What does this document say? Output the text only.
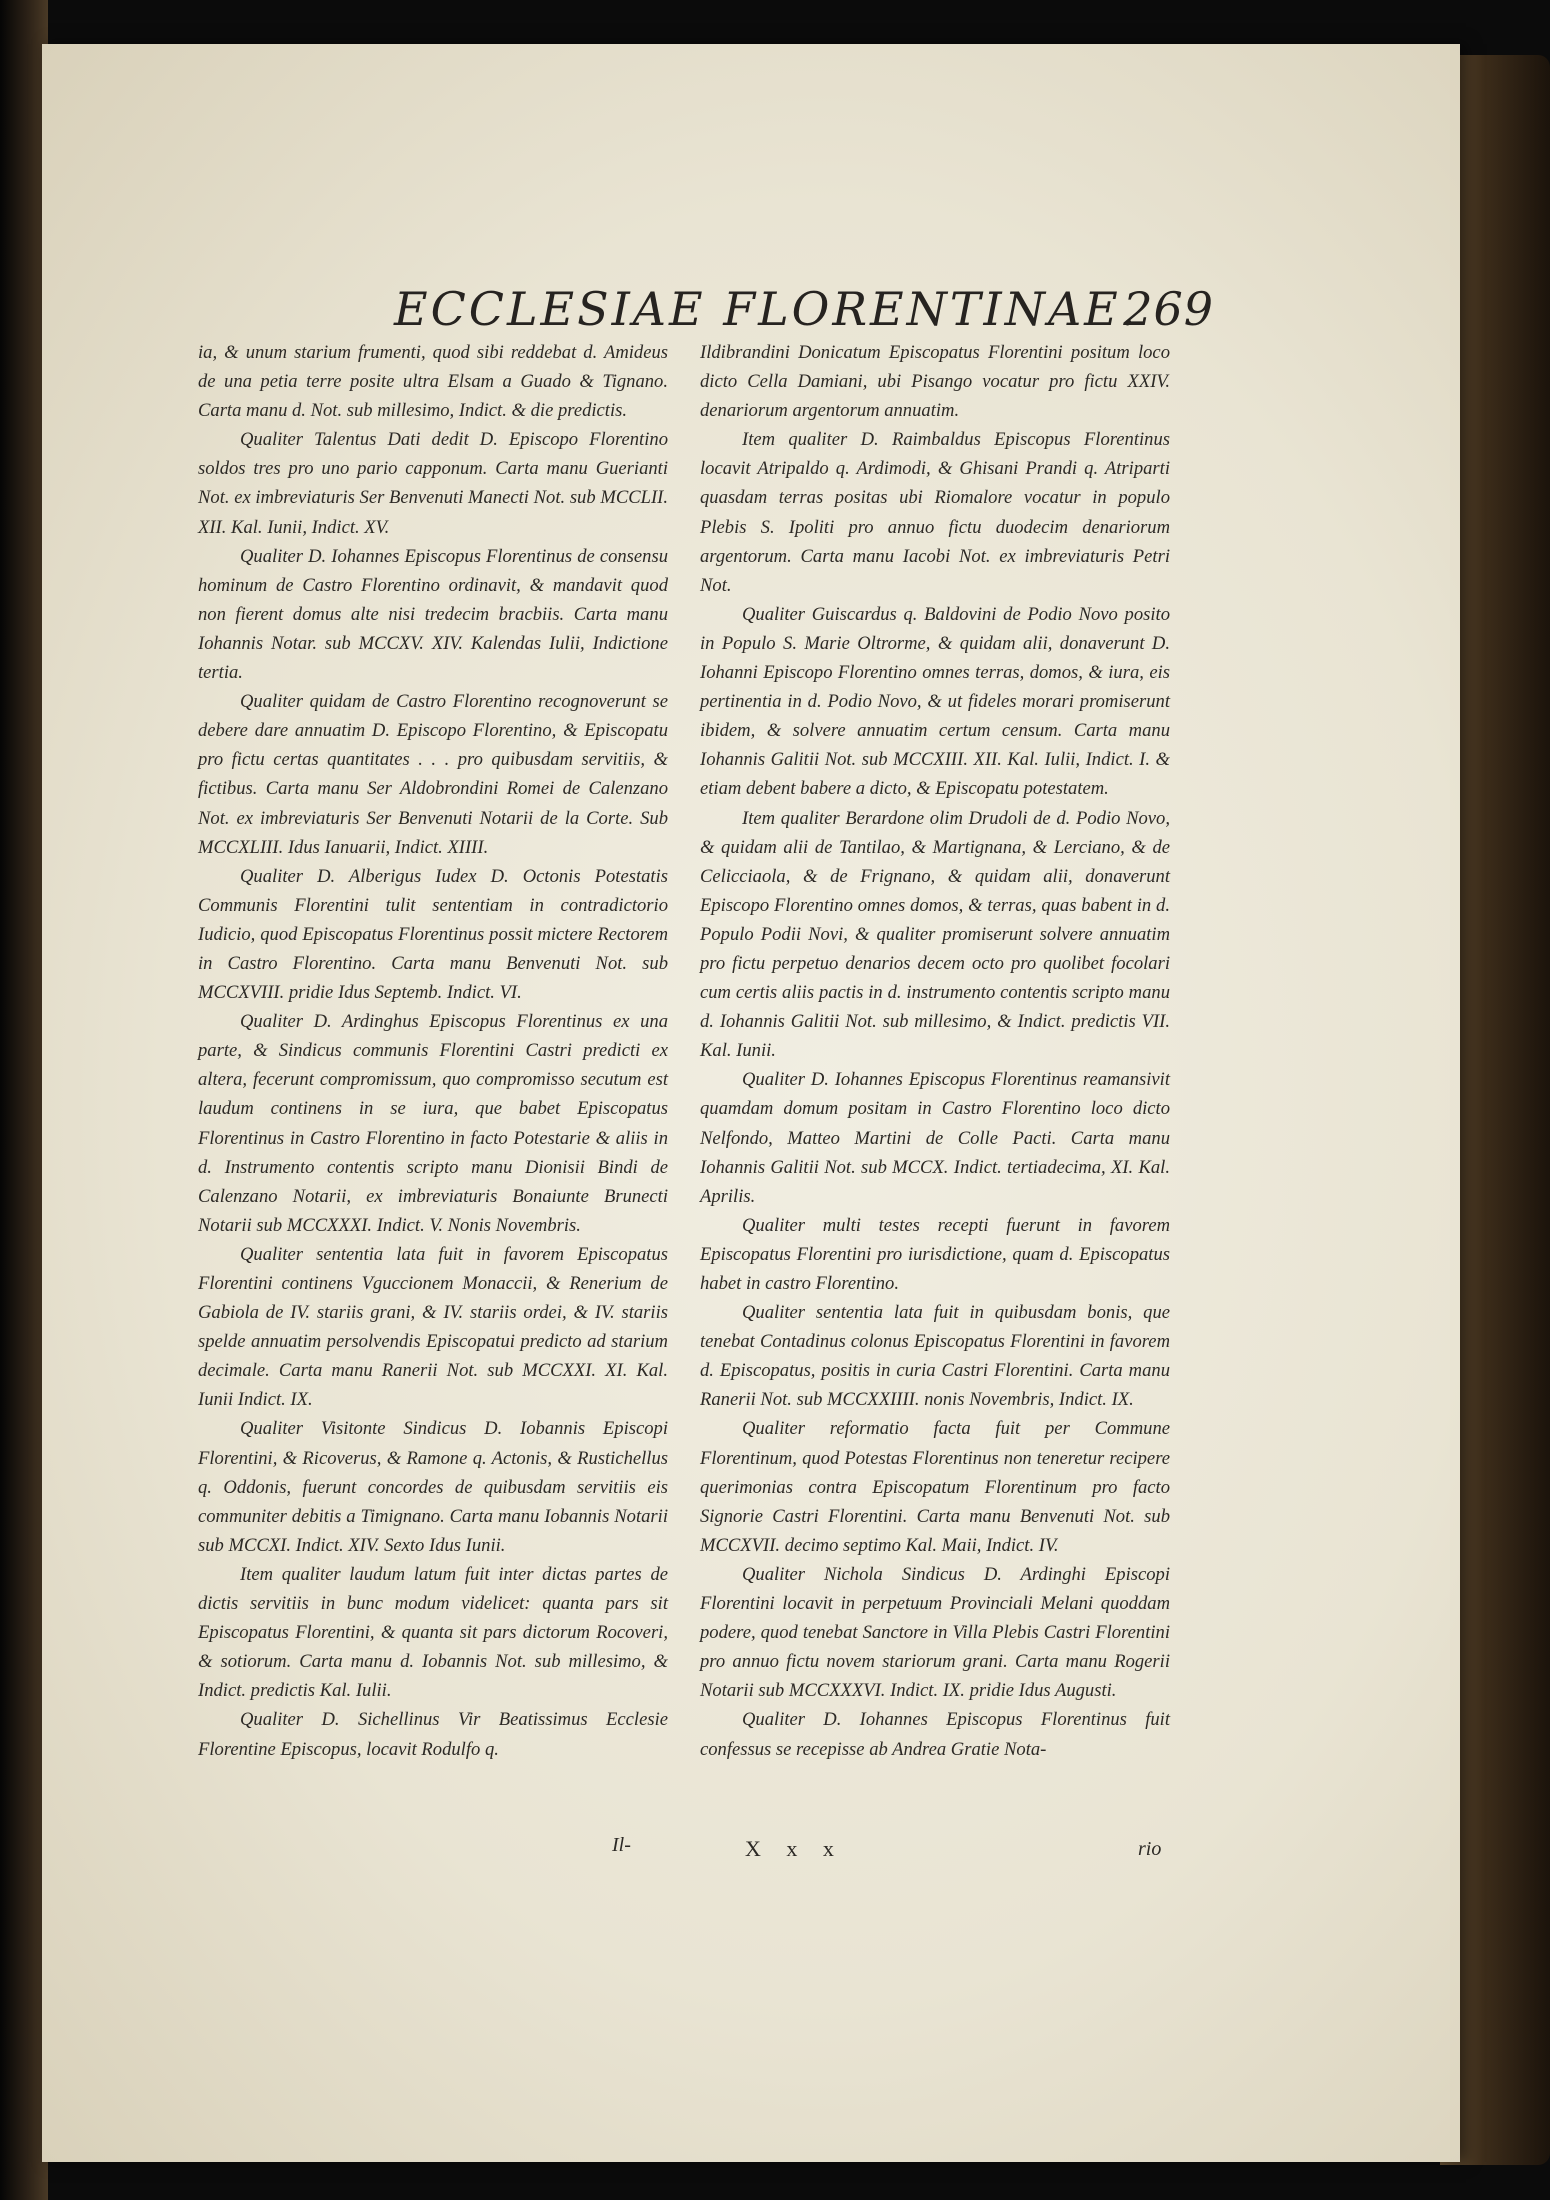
ECCLESIAE FLORENTINAE.
269

ia, & unum starium frumenti, quod sibi reddebat d. Amideus de una petia terre posite ultra Elsam a Guado & Tignano. Carta manu d. Not. sub millesimo, Indict. & die predictis.

Qualiter Talentus Dati dedit D. Episcopo Florentino soldos tres pro uno pario capponum. Carta manu Guerianti Not. ex imbreviaturis Ser Benvenuti Manecti Not. sub MCCLII. XII. Kal. Iunii, Indict. XV.

Qualiter D. Iohannes Episcopus Florentinus de consensu hominum de Castro Florentino ordinavit, & mandavit quod non fierent domus alte nisi tredecim bracbiis. Carta manu Iohannis Notar. sub MCCXV. XIV. Kalendas Iulii, Indictione tertia.

Qualiter quidam de Castro Florentino recognoverunt se debere dare annuatim D. Episcopo Florentino, & Episcopatu pro fictu certas quantitates . . . pro quibusdam servitiis, & fictibus. Carta manu Ser Aldobrondini Romei de Calenzano Not. ex imbreviaturis Ser Benvenuti Notarii de la Corte. Sub MCCXLIII. Idus Ianuarii, Indict. XIIII.

Qualiter D. Alberigus Iudex D. Octonis Potestatis Communis Florentini tulit sententiam in contradictorio Iudicio, quod Episcopatus Florentinus possit mictere Rectorem in Castro Florentino. Carta manu Benvenuti Not. sub MCCXVIII. pridie Idus Septemb. Indict. VI.

Qualiter D. Ardinghus Episcopus Florentinus ex una parte, & Sindicus communis Florentini Castri predicti ex altera, fecerunt compromissum, quo compromisso secutum est laudum continens in se iura, que babet Episcopatus Florentinus in Castro Florentino in facto Potestarie & aliis in d. Instrumento contentis scripto manu Dionisii Bindi de Calenzano Notarii, ex imbreviaturis Bonaiunte Brunecti Notarii sub MCCXXXI. Indict. V. Nonis Novembris.

Qualiter sententia lata fuit in favorem Episcopatus Florentini continens Vguccionem Monaccii, & Renerium de Gabiola de IV. stariis grani, & IV. stariis ordei, & IV. stariis spelde annuatim persolvendis Episcopatui predicto ad starium decimale. Carta manu Ranerii Not. sub MCCXXI. XI. Kal. Iunii Indict. IX.

Qualiter Visitonte Sindicus D. Iobannis Episcopi Florentini, & Ricoverus, & Ramone q. Actonis, & Rustichellus q. Oddonis, fuerunt concordes de quibusdam servitiis eis communiter debitis a Timignano. Carta manu Iobannis Notarii sub MCCXI. Indict. XIV. Sexto Idus Iunii.

Item qualiter laudum latum fuit inter dictas partes de dictis servitiis in bunc modum videlicet: quanta pars sit Episcopatus Florentini, & quanta sit pars dictorum Rocoveri, & sotiorum. Carta manu d. Iobannis Not. sub millesimo, & Indict. predictis Kal. Iulii.

Qualiter D. Sichellinus Vir Beatissimus Ecclesie Florentine Episcopus, locavit Rodulfo q.

Ildibrandini Donicatum Episcopatus Florentini positum loco dicto Cella Damiani, ubi Pisango vocatur pro fictu XXIV. denariorum argentorum annuatim.

Item qualiter D. Raimbaldus Episcopus Florentinus locavit Atripaldo q. Ardimodi, & Ghisani Prandi q. Atriparti quasdam terras positas ubi Riomalore vocatur in populo Plebis S. Ipoliti pro annuo fictu duodecim denariorum argentorum. Carta manu Iacobi Not. ex imbreviaturis Petri Not.

Qualiter Guiscardus q. Baldovini de Podio Novo posito in Populo S. Marie Oltrorme, & quidam alii, donaverunt D. Iohanni Episcopo Florentino omnes terras, domos, & iura, eis pertinentia in d. Podio Novo, & ut fideles morari promiserunt ibidem, & solvere annuatim certum censum. Carta manu Iohannis Galitii Not. sub MCCXIII. XII. Kal. Iulii, Indict. I. & etiam debent babere a dicto, & Episcopatu potestatem.

Item qualiter Berardone olim Drudoli de d. Podio Novo, & quidam alii de Tantilao, & Martignana, & Lerciano, & de Celicciaola, & de Frignano, & quidam alii, donaverunt Episcopo Florentino omnes domos, & terras, quas babent in d. Populo Podii Novi, & qualiter promiserunt solvere annuatim pro fictu perpetuo denarios decem octo pro quolibet focolari cum certis aliis pactis in d. instrumento contentis scripto manu d. Iohannis Galitii Not. sub millesimo, & Indict. predictis VII. Kal. Iunii.

Qualiter D. Iohannes Episcopus Florentinus reamansivit quamdam domum positam in Castro Florentino loco dicto Nelfondo, Matteo Martini de Colle Pacti. Carta manu Iohannis Galitii Not. sub MCCX. Indict. tertiadecima, XI. Kal. Aprilis.

Qualiter multi testes recepti fuerunt in favorem Episcopatus Florentini pro iurisdictione, quam d. Episcopatus habet in castro Florentino.

Qualiter sententia lata fuit in quibusdam bonis, que tenebat Contadinus colonus Episcopatus Florentini in favorem d. Episcopatus, positis in curia Castri Florentini. Carta manu Ranerii Not. sub MCCXXIIII. nonis Novembris, Indict. IX.

Qualiter reformatio facta fuit per Commune Florentinum, quod Potestas Florentinus non teneretur recipere querimonias contra Episcopatum Florentinum pro facto Signorie Castri Florentini. Carta manu Benvenuti Not. sub MCCXVII. decimo septimo Kal. Maii, Indict. IV.

Qualiter Nichola Sindicus D. Ardinghi Episcopi Florentini locavit in perpetuum Provinciali Melani quoddam podere, quod tenebat Sanctore in Villa Plebis Castri Florentini pro annuo fictu novem stariorum grani. Carta manu Rogerii Notarii sub MCCXXXVI. Indict. IX. pridie Idus Augusti.

Qualiter D. Iohannes Episcopus Florentinus fuit confessus se recepisse ab Andrea Gratie Nota-

Il-	X x x	rio
